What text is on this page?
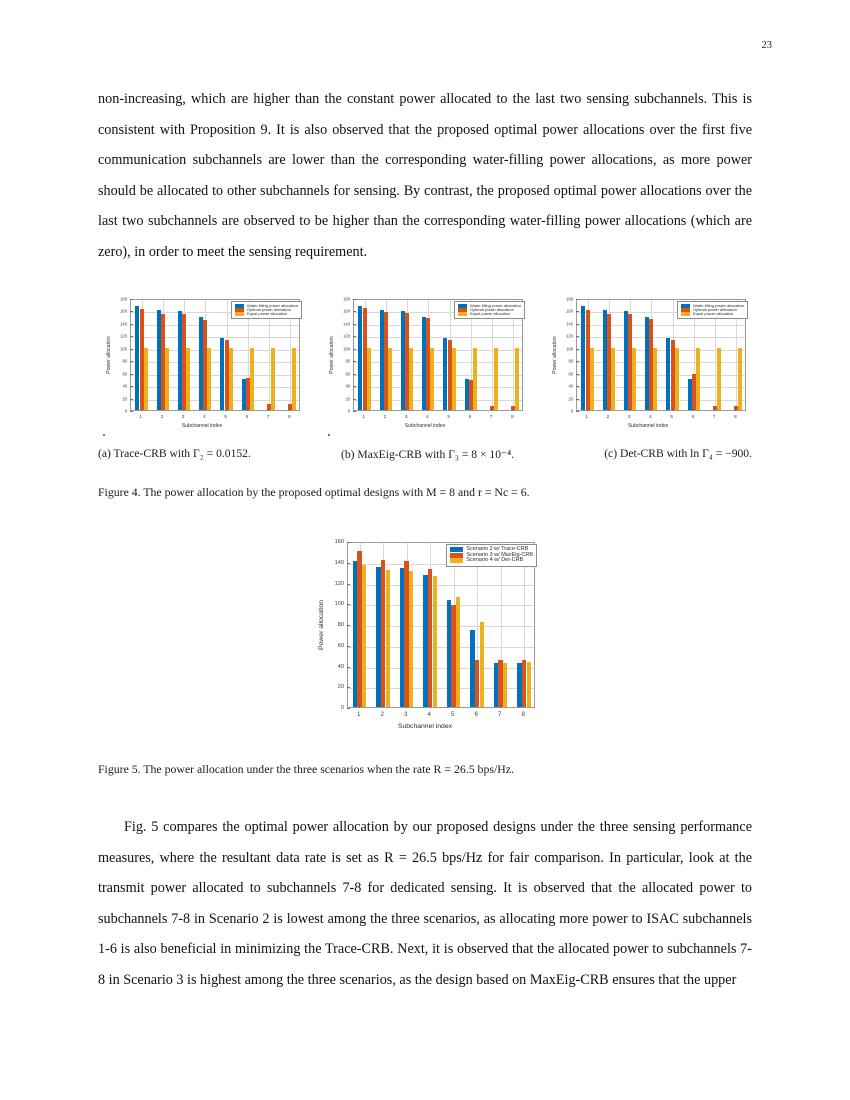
23
non-increasing, which are higher than the constant power allocated to the last two sensing subchannels. This is consistent with Proposition 9. It is also observed that the proposed optimal power allocations over the first five communication subchannels are lower than the corresponding water-filling power allocations, as more power should be allocated to other subchannels for sensing. By contrast, the proposed optimal power allocations over the last two subchannels are observed to be higher than the corresponding water-filling power allocations (which are zero), in order to meet the sensing requirement.
0
20
40
60
80
100
120
140
160
180
1	2	3	4	5	6	7	8
Subchannel index
Power allocation
Water-filling power allocation
Optimal power allocation
Equal power allocation
0
20
40
60
80
100
120
140
160
180
1	2	3	4	5	6	7	8
Subchannel index
Power allocation
Water-filling power allocation
Optimal power allocation
Equal power allocation
0
20
40
60
80
100
120
140
160
180
1	2	3	4	5	6	7	8
Subchannel index
Power allocation
Water-filling power allocation
Optimal power allocation
Equal power allocation
(a) Trace-CRB with Γ₂ = 0.0152.	(b) MaxEig-CRB with Γ₃ = 8 × 10⁻⁴.	(c) Det-CRB with ln Γ₄ = −900.
Figure 4. The power allocation by the proposed optimal designs with M = 8 and r = Nc = 6.
0
20
40
60
80
100
120
140
160
1	2	3	4	5	6	7	8
Subchannel index
Power allocation
Scenario 2 w/ Trace-CRB
Scenario 3 w/ MaxEig-CRB
Scenario 4 w/ Det-CRB
Figure 5. The power allocation under the three scenarios when the rate R = 26.5 bps/Hz.
Fig. 5 compares the optimal power allocation by our proposed designs under the three sensing performance measures, where the resultant data rate is set as R = 26.5 bps/Hz for fair comparison. In particular, look at the transmit power allocated to subchannels 7-8 for dedicated sensing. It is observed that the allocated power to subchannels 7-8 in Scenario 2 is lowest among the three scenarios, as allocating more power to ISAC subchannels 1-6 is also beneficial in minimizing the Trace-CRB. Next, it is observed that the allocated power to subchannels 7-8 in Scenario 3 is highest among the three scenarios, as the design based on MaxEig-CRB ensures that the upper
